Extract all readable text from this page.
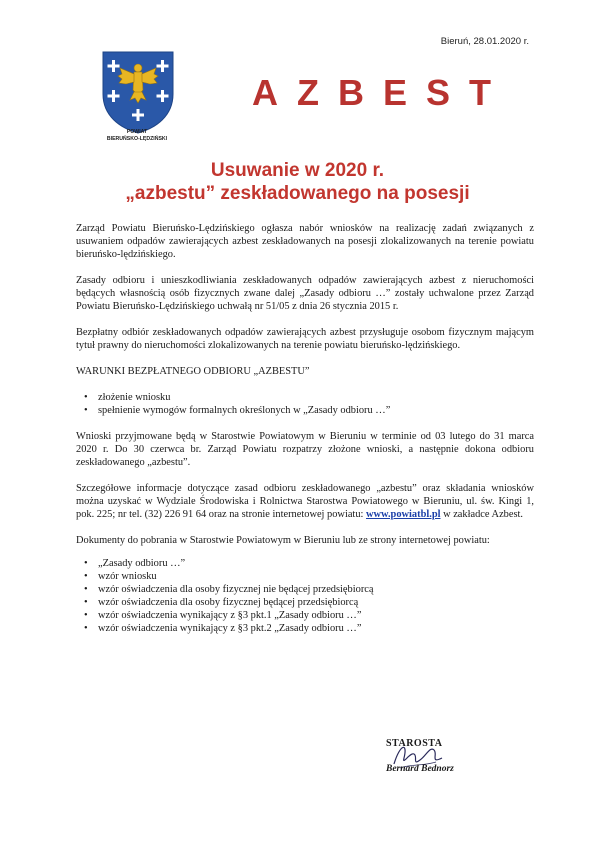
Bieruń, 28.01.2020 r.
POWIAT
BIERUŃSKO-LĘDZIŃSKI
AZBEST
Usuwanie w 2020 r.
„azbestu” zeskładowanego na posesji

Zarząd Powiatu Bieruńsko-Lędzińskiego ogłasza nabór wniosków na realizację zadań związanych z usuwaniem odpadów zawierających azbest zeskładowanych na posesji zlokalizowanych na terenie powiatu bieruńsko-lędzińskiego.

Zasady odbioru i unieszkodliwiania zeskładowanych odpadów zawierających azbest z nieruchomości będących własnością osób fizycznych zwane dalej „Zasady odbioru …” zostały uchwalone przez Zarząd Powiatu Bieruńsko-Lędzińskiego uchwałą nr 51/05 z dnia 26 stycznia 2015 r.

Bezpłatny odbiór zeskładowanych odpadów zawierających azbest przysługuje osobom fizycznym mającym tytuł prawny do nieruchomości zlokalizowanych na terenie powiatu bieruńsko-lędzińskiego.

WARUNKI BEZPŁATNEGO ODBIORU „AZBESTU”

• złożenie wniosku
• spełnienie wymogów formalnych określonych w „Zasady odbioru …”

Wnioski przyjmowane będą w Starostwie Powiatowym w Bieruniu w terminie od 03 lutego do 31 marca 2020 r. Do 30 czerwca br. Zarząd Powiatu rozpatrzy złożone wnioski, a następnie dokona odbioru zeskładowanego „azbestu”.

Szczegółowe informacje dotyczące zasad odbioru zeskładowanego „azbestu” oraz składania wniosków można uzyskać w Wydziale Środowiska i Rolnictwa Starostwa Powiatowego w Bieruniu, ul. św. Kingi 1, pok. 225; nr tel. (32) 226 91 64 oraz na stronie internetowej powiatu: www.powiatbl.pl w zakładce Azbest.

Dokumenty do pobrania w Starostwie Powiatowym w Bieruniu lub ze strony internetowej powiatu:

• „Zasady odbioru …”
• wzór wniosku
• wzór oświadczenia dla osoby fizycznej nie będącej przedsiębiorcą
• wzór oświadczenia dla osoby fizycznej będącej przedsiębiorcą
• wzór oświadczenia wynikający z §3 pkt.1 „Zasady odbioru …”
• wzór oświadczenia wynikający z §3 pkt.2 „Zasady odbioru …”
STAROSTA
Bernard Bednorz
